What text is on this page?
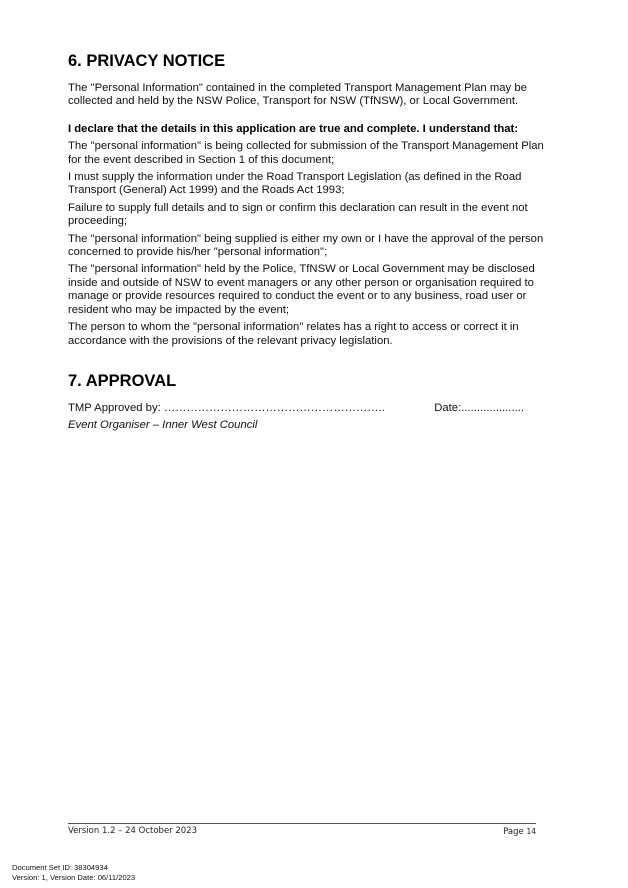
6. PRIVACY NOTICE

The "Personal Information" contained in the completed Transport Management Plan may be collected and held by the NSW Police, Transport for NSW (TfNSW), or Local Government.

I declare that the details in this application are true and complete. I understand that:

The "personal information" is being collected for submission of the Transport Management Plan for the event described in Section 1 of this document;

I must supply the information under the Road Transport Legislation (as defined in the Road Transport (General) Act 1999) and the Roads Act 1993;

Failure to supply full details and to sign or confirm this declaration can result in the event not proceeding;

The "personal information" being supplied is either my own or I have the approval of the person concerned to provide his/her "personal information";

The "personal information" held by the Police, TfNSW or Local Government may be disclosed inside and outside of NSW to event managers or any other person or organisation required to manage or provide resources required to conduct the event or to any business, road user or resident who may be impacted by the event;

The person to whom the "personal information" relates has a right to access or correct it in accordance with the provisions of the relevant privacy legislation.

7. APPROVAL
TMP Approved by: …………………………………………………..	Date:....................

Event Organiser – Inner West Council

Version 1.2 – 24 October 2023	Page 14
Document Set ID: 38304934
Version: 1, Version Date: 06/11/2023
